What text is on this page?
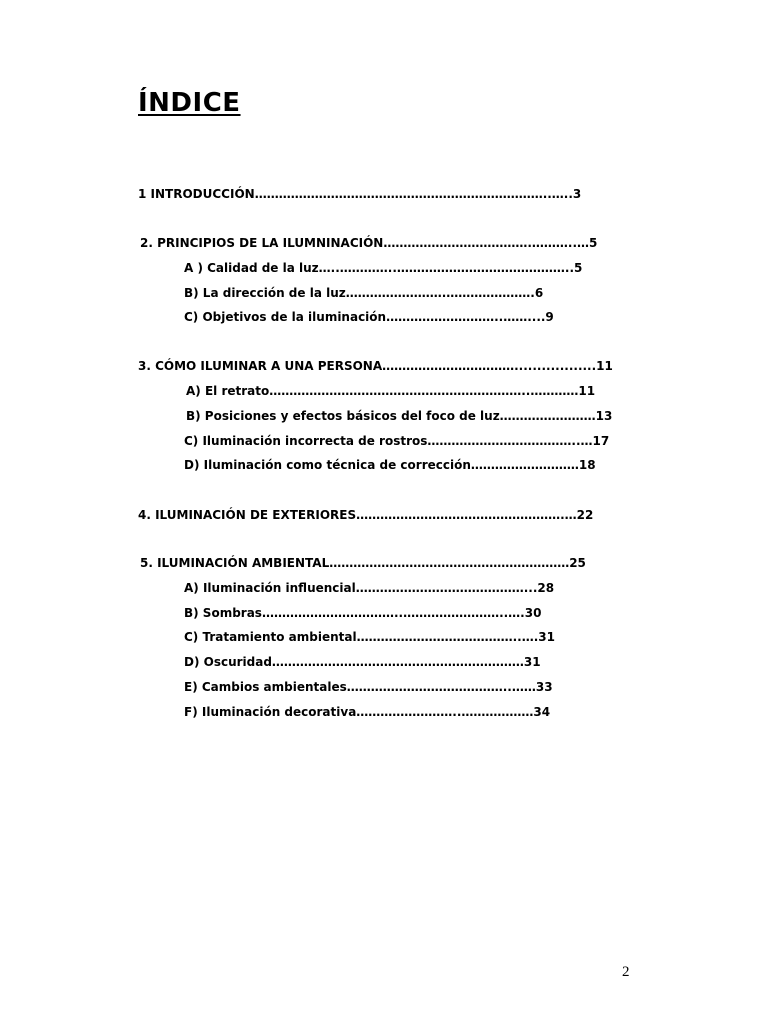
ÍNDICE
1 INTRODUCCIÓN………………………………………………………………..…..3
2. PRINCIPIOS DE LA ILUMNINACIÓN……………………………….………..…5
A ) Calidad de la luz…..…………..……………………………………..5
B) La dirección de la luz…………………….………………….6
C) Objetivos de la iluminación………………………..……....9
3. CÓMO ILUMINAR A UNA PERSONA……………………………..................11
A) El retrato………………………………………………………..…………11
B) Posiciones y efectos básicos del foco de luz……………………13
C) Iluminación incorrecta de rostros………………………………..…17
D) Iluminación como técnica de corrección………………………18
4. ILUMINACIÓN DE EXTERIORES…………………………………………….…22
5. ILUMINACIÓN AMBIENTAL……………………………………………………25
A) Iluminación influencial……………………………………...28
B) Sombras……………………………..……………………..….30
C) Tratamiento ambiental…………………………………..….31
D) Oscuridad………………………………………………………31
E) Cambios ambientales…………………………………..……33
F) Iluminación decorativa……………………..………………34
2
